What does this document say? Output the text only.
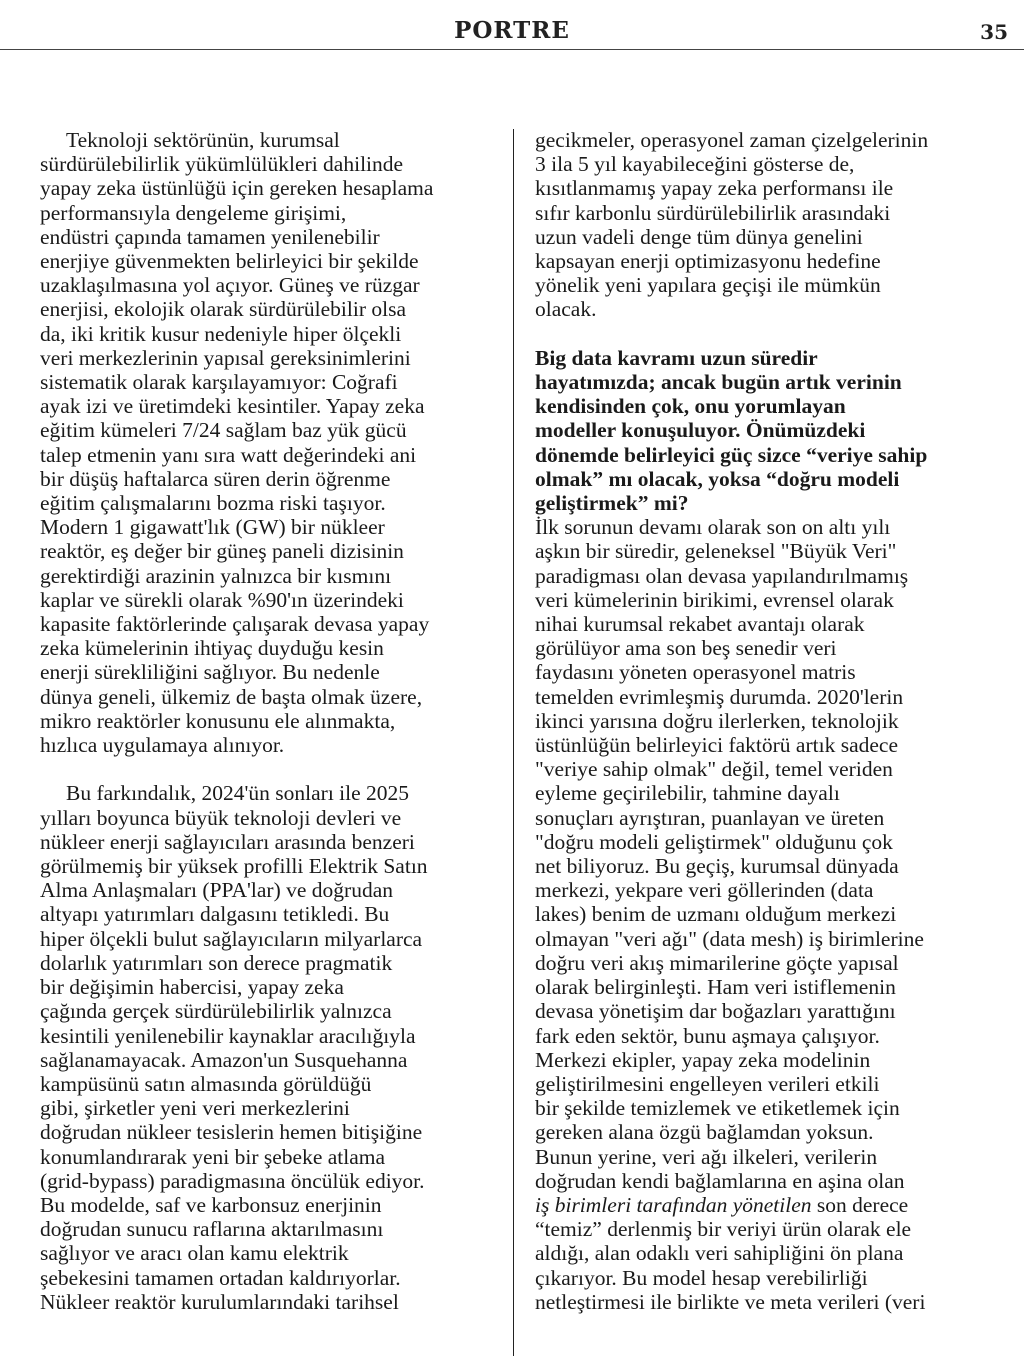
PORTRE	35
Teknoloji sektörünün, kurumsal
sürdürülebilirlik yükümlülükleri dahilinde
yapay zeka üstünlüğü için gereken hesaplama
performansıyla dengeleme girişimi,
endüstri çapında tamamen yenilenebilir
enerjiye güvenmekten belirleyici bir şekilde
uzaklaşılmasına yol açıyor. Güneş ve rüzgar
enerjisi, ekolojik olarak sürdürülebilir olsa
da, iki kritik kusur nedeniyle hiper ölçekli
veri merkezlerinin yapısal gereksinimlerini
sistematik olarak karşılayamıyor: Coğrafi
ayak izi ve üretimdeki kesintiler. Yapay zeka
eğitim kümeleri 7/24 sağlam baz yük gücü
talep etmenin yanı sıra watt değerindeki ani
bir düşüş haftalarca süren derin öğrenme
eğitim çalışmalarını bozma riski taşıyor.
Modern 1 gigawatt'lık (GW) bir nükleer
reaktör, eş değer bir güneş paneli dizisinin
gerektirdiği arazinin yalnızca bir kısmını
kaplar ve sürekli olarak %90'ın üzerindeki
kapasite faktörlerinde çalışarak devasa yapay
zeka kümelerinin ihtiyaç duyduğu kesin
enerji sürekliliğini sağlıyor. Bu nedenle
dünya geneli, ülkemiz de başta olmak üzere,
mikro reaktörler konusunu ele alınmakta,
hızlıca uygulamaya alınıyor.
Bu farkındalık, 2024'ün sonları ile 2025
yılları boyunca büyük teknoloji devleri ve
nükleer enerji sağlayıcıları arasında benzeri
görülmemiş bir yüksek profilli Elektrik Satın
Alma Anlaşmaları (PPA'lar) ve doğrudan
altyapı yatırımları dalgasını tetikledi. Bu
hiper ölçekli bulut sağlayıcıların milyarlarca
dolarlık yatırımları son derece pragmatik
bir değişimin habercisi, yapay zeka
çağında gerçek sürdürülebilirlik yalnızca
kesintili yenilenebilir kaynaklar aracılığıyla
sağlanamayacak. Amazon'un Susquehanna
kampüsünü satın almasında görüldüğü
gibi, şirketler yeni veri merkezlerini
doğrudan nükleer tesislerin hemen bitişiğine
konumlandırarak yeni bir şebeke atlama
(grid-bypass) paradigmasına öncülük ediyor.
Bu modelde, saf ve karbonsuz enerjinin
doğrudan sunucu raflarına aktarılmasını
sağlıyor ve aracı olan kamu elektrik
şebekesini tamamen ortadan kaldırıyorlar.
Nükleer reaktör kurulumlarındaki tarihsel
gecikmeler, operasyonel zaman çizelgelerinin
3 ila 5 yıl kayabileceğini gösterse de,
kısıtlanmamış yapay zeka performansı ile
sıfır karbonlu sürdürülebilirlik arasındaki
uzun vadeli denge tüm dünya genelini
kapsayan enerji optimizasyonu hedefine
yönelik yeni yapılara geçişi ile mümkün
olacak.
Big data kavramı uzun süredir
hayatımızda; ancak bugün artık verinin
kendisinden çok, onu yorumlayan
modeller konuşuluyor. Önümüzdeki
dönemde belirleyici güç sizce “veriye sahip
olmak” mı olacak, yoksa “doğru modeli
geliştirmek” mi?
İlk sorunun devamı olarak son on altı yılı
aşkın bir süredir, geleneksel "Büyük Veri"
paradigması olan devasa yapılandırılmamış
veri kümelerinin birikimi, evrensel olarak
nihai kurumsal rekabet avantajı olarak
görülüyor ama son beş senedir veri
faydasını yöneten operasyonel matris
temelden evrimleşmiş durumda. 2020'lerin
ikinci yarısına doğru ilerlerken, teknolojik
üstünlüğün belirleyici faktörü artık sadece
"veriye sahip olmak" değil, temel veriden
eyleme geçirilebilir, tahmine dayalı
sonuçları ayrıştıran, puanlayan ve üreten
"doğru modeli geliştirmek" olduğunu çok
net biliyoruz. Bu geçiş, kurumsal dünyada
merkezi, yekpare veri göllerinden (data
lakes) benim de uzmanı olduğum merkezi
olmayan "veri ağı" (data mesh) iş birimlerine
doğru veri akış mimarilerine göçte yapısal
olarak belirginleşti. Ham veri istiflemenin
devasa yönetişim dar boğazları yarattığını
fark eden sektör, bunu aşmaya çalışıyor.
Merkezi ekipler, yapay zeka modelinin
geliştirilmesini engelleyen verileri etkili
bir şekilde temizlemek ve etiketlemek için
gereken alana özgü bağlamdan yoksun.
Bunun yerine, veri ağı ilkeleri, verilerin
doğrudan kendi bağlamlarına en aşina olan
iş birimleri tarafından yönetilen son derece
“temiz” derlenmiş bir veriyi ürün olarak ele
aldığı, alan odaklı veri sahipliğini ön plana
çıkarıyor. Bu model hesap verebilirliği
netleştirmesi ile birlikte ve meta verileri (veri
